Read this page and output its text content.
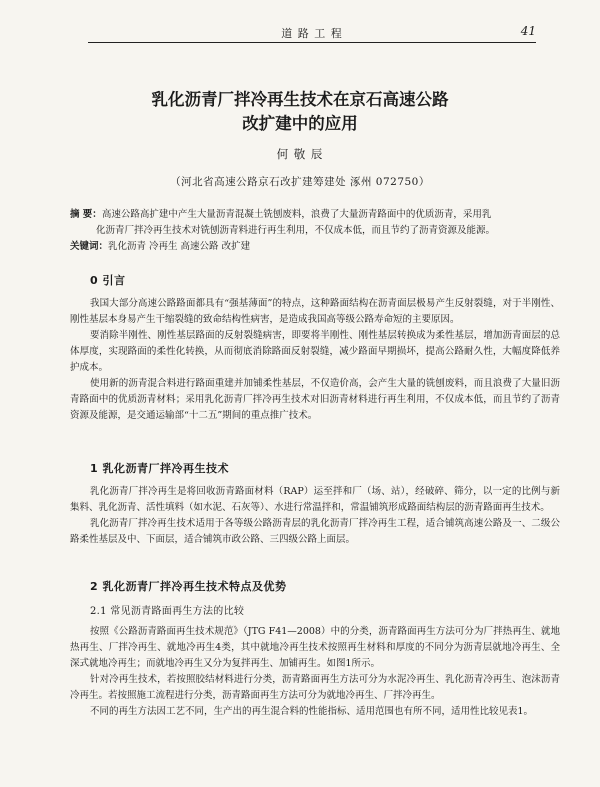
道 路 工 程	41
乳化沥青厂拌冷再生技术在京石高速公路
改扩建中的应用
何 敬 辰
（河北省高速公路京石改扩建筹建处 涿州 072750）
摘 要：高速公路高扩建中产生大量沥青混凝土铣刨废料，浪费了大量沥青路面中的优质沥青，采用乳
化沥青厂拌冷再生技术对铣刨沥青料进行再生利用，不仅成本低，而且节约了沥青资源及能源。
关键词：乳化沥青 冷再生 高速公路 改扩建
0 引言

我国大部分高速公路路面都具有“强基薄面”的特点，这种路面结构在沥青面层极易产生反射裂缝，对于半刚性、刚性基层本身易产生干缩裂缝的致命结构性病害，是造成我国高等级公路寿命短的主要原因。

要消除半刚性、刚性基层路面的反射裂缝病害，即要将半刚性、刚性基层转换成为柔性基层，增加沥青面层的总体厚度，实现路面的柔性化转换，从而彻底消除路面反射裂缝，减少路面早期损坏，提高公路耐久性，大幅度降低养护成本。

使用新的沥青混合料进行路面重建并加铺柔性基层，不仅造价高，会产生大量的铣刨废料，而且浪费了大量旧沥青路面中的优质沥青材料；采用乳化沥青厂拌冷再生技术对旧沥青材料进行再生利用，不仅成本低，而且节约了沥青资源及能源，是交通运输部“十二五”期间的重点推广技术。

1 乳化沥青厂拌冷再生技术

乳化沥青厂拌冷再生是将回收沥青路面材料（RAP）运至拌和厂（场、站），经破碎、筛分，以一定的比例与新集料、乳化沥青、活性填料（如水泥、石灰等）、水进行常温拌和，常温铺筑形成路面结构层的沥青路面再生技术。

乳化沥青厂拌冷再生技术适用于各等级公路沥青层的乳化沥青厂拌冷再生工程，适合铺筑高速公路及一、二级公路柔性基层及中、下面层，适合铺筑市政公路、三四级公路上面层。

2 乳化沥青厂拌冷再生技术特点及优势
2.1 常见沥青路面再生方法的比较

按照《公路沥青路面再生技术规范》（JTG F41—2008）中的分类，沥青路面再生方法可分为厂拌热再生、就地热再生、厂拌冷再生、就地冷再生4类，其中就地冷再生技术按照再生材料和厚度的不同分为沥青层就地冷再生、全深式就地冷再生；而就地冷再生又分为复拌再生、加铺再生。如图1所示。

针对冷再生技术，若按照胶结材料进行分类，沥青路面再生方法可分为水泥冷再生、乳化沥青冷再生、泡沫沥青冷再生。若按照施工流程进行分类，沥青路面再生方法可分为就地冷再生、厂拌冷再生。

不同的再生方法因工艺不同，生产出的再生混合料的性能指标、适用范围也有所不同，适用性比较见表1。
